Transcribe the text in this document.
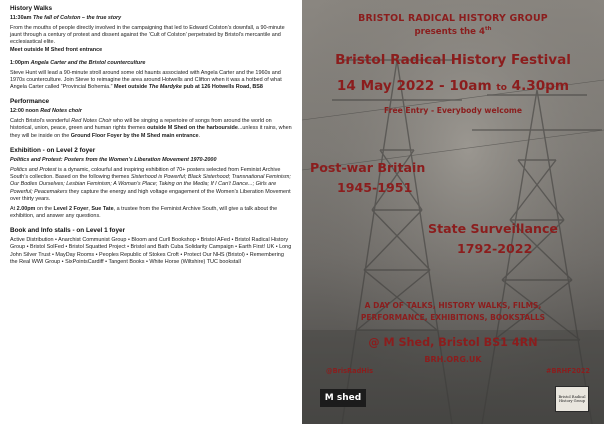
History Walks

11:30am The fall of Colston – the true story

From the mouths of people directly involved in the campaigning that led to Edward Colston’s downfall, a 90-minute jaunt through a century of protest and dissent against the ‘Cult of Colston’ perpetrated by Bristol’s mercantile and ecclesiastical elite.
Meet outside M Shed front entrance

1:00pm Angela Carter and the Bristol counterculture

Steve Hunt will lead a 90-minute stroll around some old haunts associated with Angela Carter and the 1960s and 1970s counterculture. Join Steve to reimagine the area around Hotwells and Clifton when it was a hotbed of what Angela Carter called “Provincial Bohemia.” Meet outside The Mardyke pub at 126 Hotwells Road, BS8

Performance

12:00 noon Red Notes choir

Catch Bristol’s wonderful Red Notes Choir who will be singing a repertoire of songs from around the world on historical, union, peace, green and human rights themes outside M Shed on the harbourside...unless it rains, when they will be inside on the Ground Floor Foyer by the M Shed main entrance.

Exhibition - on Level 2 foyer

Politics and Protest: Posters from the Women’s Liberation Movement 1970-2000

Politics and Protest is a dynamic, colourful and inspiring exhibition of 70+ posters selected from Feminist Archive South’s collection. Based on the following themes Sisterhood is Powerful; Black Sisterhood; Transnational Feminism; Our Bodies Ourselves; Lesbian Feminism; A Woman’s Place; Taking on the Media; If I Can’t Dance...; Girls are Powerful; Peacemakers they capture the energy and high voltage engagement of the Women’s Liberation Movement over thirty years.

At 2.00pm on the Level 2 Foyer, Sue Tate, a trustee from the Feminist Archive South, will give a talk about the exhibition, and answer any questions.

Book and Info stalls - on Level 1 foyer

Active Distribution • Anarchist Communist Group • Bloom and Curll Bookshop • Bristol AFed • Bristol Radical History Group • Bristol SolFed • Bristol Squatted Project • Bristol and Bath Cuba Solidarity Campaign • Earth First! UK • Long John Silver Trust • MayDay Rooms • Peoples Republic of Stokes Croft • Protect Our NHS (Bristol) • Remembering the Real WWI Group • SixPointsCardiff • Tangent Books • White Horse (Wiltshire) TUC bookstall

BRISTOL RADICAL HISTORY GROUP
presents the 4th
Bristol Radical History Festival
14 May 2022 - 10am to 4.30pm
Free Entry - Everybody welcome
Post-war Britain
1945-1951
State Surveillance
1792-2022
A DAY OF TALKS, HISTORY WALKS, FILMS,
PERFORMANCE, EXHIBITIONS, BOOKSTALLS
@ M Shed, Bristol BS1 4RN
BRH.ORG.UK
@BrisRadHis	#BRHF2022
M shed	Bristol Radical History Group
